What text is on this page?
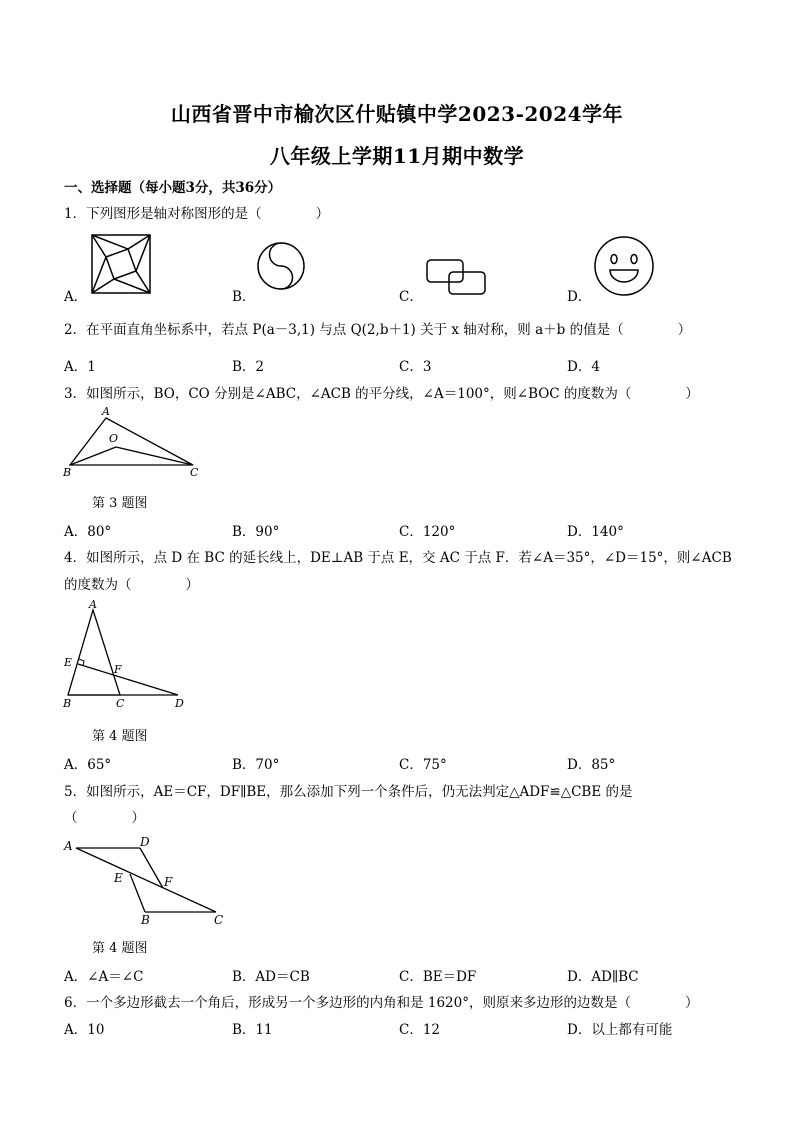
山西省晋中市榆次区什贴镇中学2023-2024学年
八年级上学期11月期中数学
一、选择题（每小题3分，共36分）
1．下列图形是轴对称图形的是（　　　　）
A．	B．	C．	D．
2．在平面直角坐标系中，若点 P(a－3,1) 与点 Q(2,b＋1) 关于 x 轴对称，则 a＋b 的值是（　　　　）
A．1	B．2	C．3	D．4
3．如图所示，BO，CO 分别是∠ABC，∠ACB 的平分线，∠A＝100°，则∠BOC 的度数为（　　　　）
A
O
B	C
第 3 题图
A．80°	B．90°	C．120°	D．140°
4．如图所示，点 D 在 BC 的延长线上，DE⊥AB 于点 E，交 AC 于点 F．若∠A＝35°，∠D＝15°，则∠ACB
的度数为（　　　　）
A
E
F
B	C	D
第 4 题图
A．65°	B．70°	C．75°	D．85°
5．如图所示，AE＝CF，DF∥BE，那么添加下列一个条件后，仍无法判定△ADF≌△CBE 的是
（　　　　）
A	D
E	F
B	C
第 4 题图
A．∠A＝∠C	B．AD＝CB	C．BE＝DF	D．AD∥BC
6．一个多边形截去一个角后，形成另一个多边形的内角和是 1620°，则原来多边形的边数是（　　　　）
A．10	B．11	C．12	D．以上都有可能
